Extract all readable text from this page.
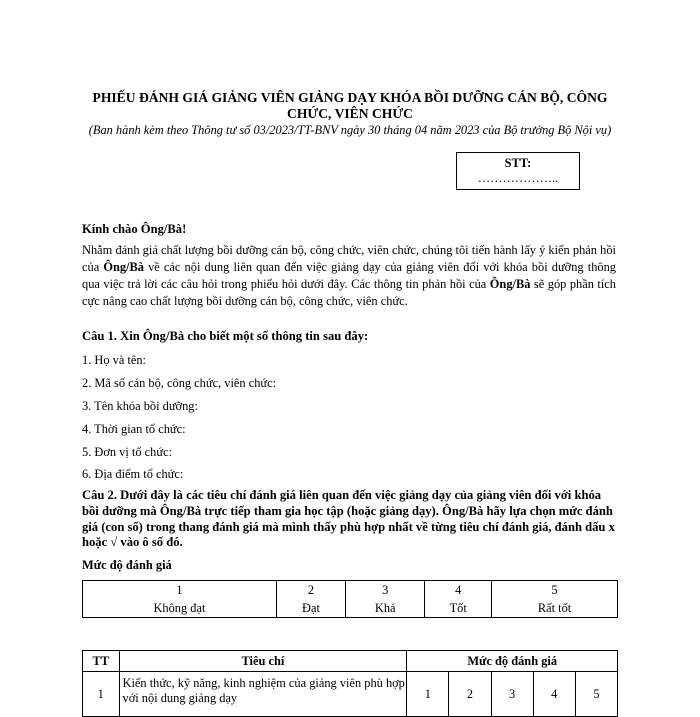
PHIẾU ĐÁNH GIÁ GIẢNG VIÊN GIẢNG DẠY KHÓA BỒI DƯỠNG CÁN BỘ, CÔNG CHỨC, VIÊN CHỨC
(Ban hành kèm theo Thông tư số 03/2023/TT-BNV ngày 30 tháng 04 năm 2023 của Bộ trưởng Bộ Nội vụ)
STT:
………………..
Kính chào Ông/Bà!
Nhằm đánh giá chất lượng bồi dưỡng cán bộ, công chức, viên chức, chúng tôi tiến hành lấy ý kiến phản hồi của Ông/Bà về các nội dung liên quan đến việc giảng dạy của giảng viên đối với khóa bồi dưỡng thông qua việc trả lời các câu hỏi trong phiếu hỏi dưới đây. Các thông tin phản hồi của Ông/Bà sẽ góp phần tích cực nâng cao chất lượng bồi dưỡng cán bộ, công chức, viên chức.
Câu 1. Xin Ông/Bà cho biết một số thông tin sau đây:
1. Họ và tên:
2. Mã số cán bộ, công chức, viên chức:
3. Tên khóa bồi dưỡng:
4. Thời gian tổ chức:
5. Đơn vị tổ chức:
6. Địa điểm tổ chức:
Câu 2. Dưới đây là các tiêu chí đánh giá liên quan đến việc giảng dạy của giảng viên đối với khóa bồi dưỡng mà Ông/Bà trực tiếp tham gia học tập (hoặc giảng dạy). Ông/Bà hãy lựa chọn mức đánh giá (con số) trong thang đánh giá mà mình thấy phù hợp nhất về từng tiêu chí đánh giá, đánh dấu x hoặc √ vào ô số đó.
Mức độ đánh giá
1	2	3	4	5
Không đạt	Đạt	Khá	Tốt	Rất tốt
TT	Tiêu chí	Mức độ đánh giá				
1	Kiến thức, kỹ năng, kinh nghiệm của giảng viên phù hợp với nội dung giảng dạy	1	2	3	4	5
